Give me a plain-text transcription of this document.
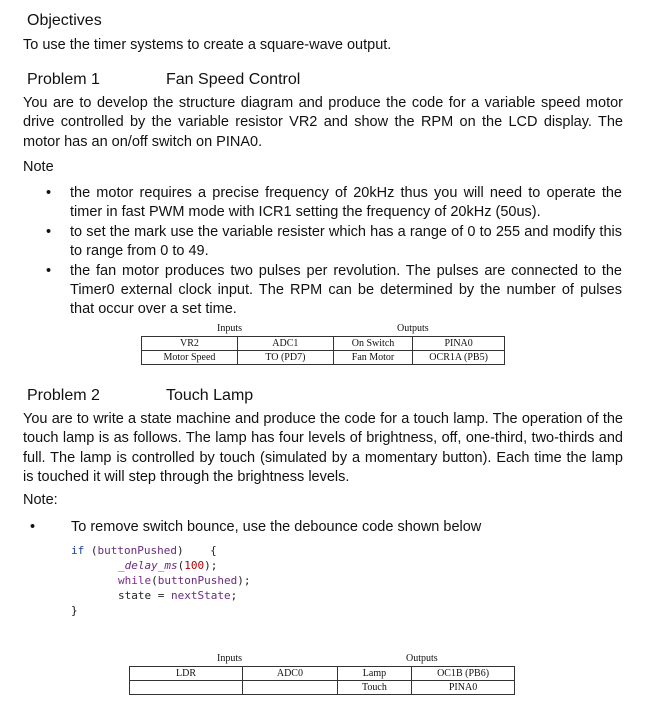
Objectives
To use the timer systems to create a square-wave output.
Problem 1	Fan Speed Control
You are to develop the structure diagram and produce the code for a variable speed motor drive controlled by the variable resistor VR2 and show the RPM on the LCD display. The motor has an on/off switch on PINA0.
Note
• the motor requires a precise frequency of 20kHz thus you will need to operate the timer in fast PWM mode with ICR1 setting the frequency of 20kHz (50us).
• to set the mark use the variable resister which has a range of 0 to 255 and modify this to range from 0 to 49.
• the fan motor produces two pulses per revolution. The pulses are connected to the Timer0 external clock input. The RPM can be determined by the number of pulses that occur over a set time.
Inputs	Outputs
VR2	ADC1	On Switch	PINA0
Motor Speed	TO (PD7)	Fan Motor	OCR1A (PB5)
Problem 2	Touch Lamp
You are to write a state machine and produce the code for a touch lamp. The operation of the touch lamp is as follows. The lamp has four levels of brightness, off, one-third, two-thirds and full. The lamp is controlled by touch (simulated by a momentary button). Each time the lamp is touched it will step through the brightness levels.
Note:
• To remove switch bounce, use the debounce code shown below
if (buttonPushed)    {
_delay_ms(100);
while(buttonPushed);
state = nextState;
}
Inputs	Outputs
LDR	ADC0	Lamp	OC1B (PB6)
		Touch	PINA0
